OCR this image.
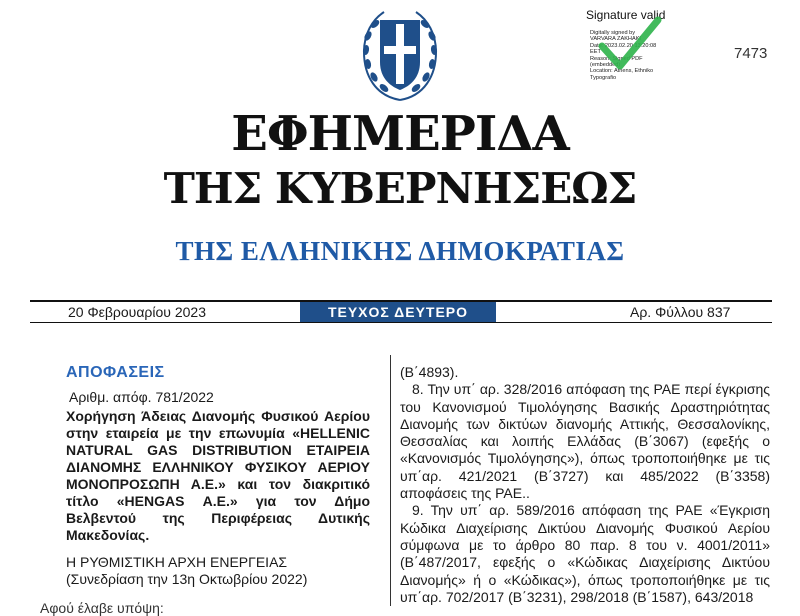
Signature valid
Digitally signed by
VARVARA ZAKHAKI
Date: 2023.02.20 13:20:08
EET
Reason: Signed PDF
(embedded)
Location: Athens, Ethniko
Typografio
7473
ΕΦΗΜΕΡΙΔΑ
ΤΗΣ ΚΥΒΕΡΝΗΣΕΩΣ
ΤΗΣ ΕΛΛΗΝΙΚΗΣ ΔΗΜΟΚΡΑΤΙΑΣ
20 Φεβρουαρίου 2023	ΤΕΥΧΟΣ ΔΕΥΤΕΡΟ	Αρ. Φύλλου 837
ΑΠΟΦΑΣΕΙΣ
Αριθμ. απόφ. 781/2022
Χορήγηση Άδειας Διανομής Φυσικού Αερίου στην εταιρεία με την επωνυμία «HELLENIC NATURAL GAS DISTRIBUTION ΕΤΑΙΡΕΙΑ ΔΙΑΝΟΜΗΣ ΕΛΛΗΝΙΚΟΥ ΦΥΣΙΚΟΥ ΑΕΡΙΟΥ ΜΟΝΟΠΡΟΣΩΠΗ Α.Ε.» και τον διακριτικό τίτλο «HENGAS Α.Ε.» για τον Δήμο Βελβεντού της Περιφέρειας Δυτικής Μακεδονίας.
Η ΡΥΘΜΙΣΤΙΚΗ ΑΡΧΗ ΕΝΕΡΓΕΙΑΣ
(Συνεδρίαση την 13η Οκτωβρίου 2022)
Αφού έλαβε υπόψη:

(Β΄4893).

8. Την υπ΄ αρ. 328/2016 απόφαση της ΡΑΕ περί έγκρισης του Κανονισμού Τιμολόγησης Βασικής Δραστηριότητας Διανομής των δικτύων διανομής Αττικής, Θεσσαλονίκης, Θεσσαλίας και λοιπής Ελλάδας (Β΄3067) (εφεξής ο «Κανονισμός Τιμολόγησης»), όπως τροποποιήθηκε με τις υπ΄αρ. 421/2021 (Β΄3727) και 485/2022 (Β΄3358) αποφάσεις της ΡΑΕ..

9. Την υπ΄ αρ. 589/2016 απόφαση της ΡΑΕ «Έγκριση Κώδικα Διαχείρισης Δικτύου Διανομής Φυσικού Αερίου σύμφωνα με το άρθρο 80 παρ. 8 του ν. 4001/2011» (Β΄487/2017, εφεξής ο «Κώδικας Διαχείρισης Δικτύου Διανομής» ή ο «Κώδικας»), όπως τροποποιήθηκε με τις υπ΄αρ. 702/2017 (Β΄3231), 298/2018 (Β΄1587), 643/2018
